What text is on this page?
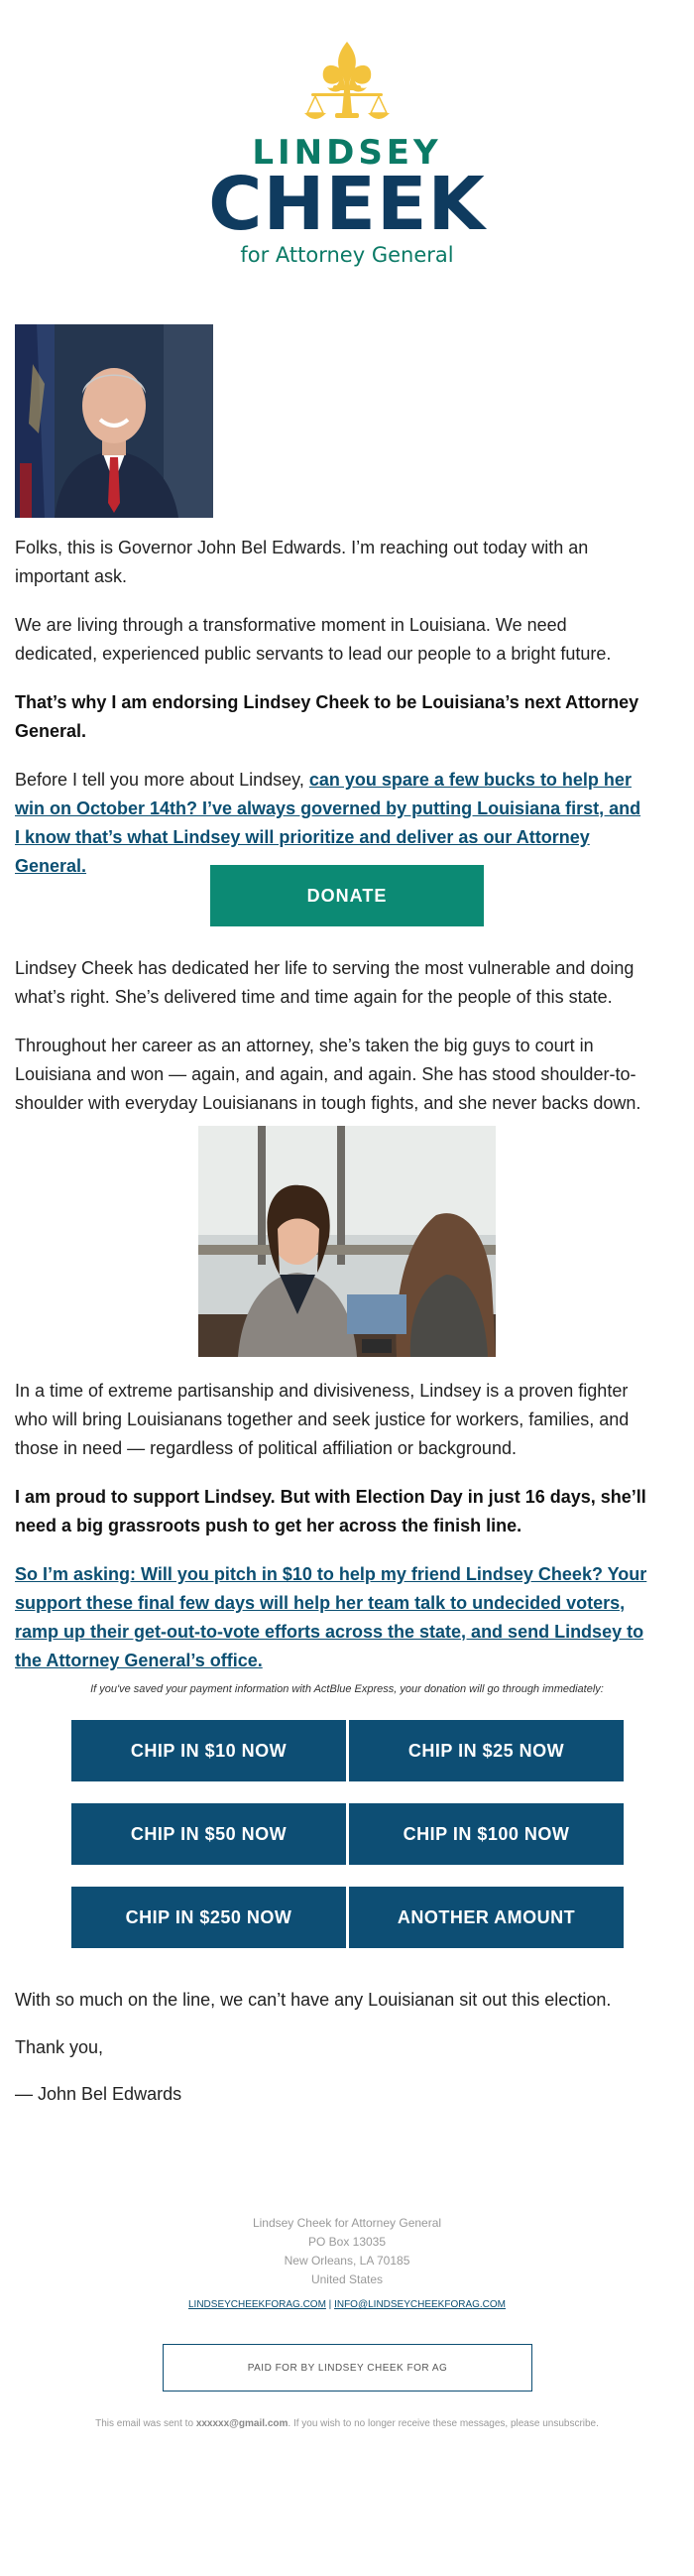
LINDSEY
CHEEK
for Attorney General

Folks, this is Governor John Bel Edwards. I’m reaching out today with an important ask.

We are living through a transformative moment in Louisiana. We need dedicated, experienced public servants to lead our people to a bright future.

That’s why I am endorsing Lindsey Cheek to be Louisiana’s next Attorney General.

Before I tell you more about Lindsey, can you spare a few bucks to help her win on October 14th? I’ve always governed by putting Louisiana first, and I know that’s what Lindsey will prioritize and deliver as our Attorney General.

DONATE

Lindsey Cheek has dedicated her life to serving the most vulnerable and doing what’s right. She’s delivered time and time again for the people of this state.

Throughout her career as an attorney, she’s taken the big guys to court in Louisiana and won — again, and again, and again. She has stood shoulder-to-shoulder with everyday Louisianans in tough fights, and she never backs down.

In a time of extreme partisanship and divisiveness, Lindsey is a proven fighter who will bring Louisianans together and seek justice for workers, families, and those in need — regardless of political affiliation or background.

I am proud to support Lindsey. But with Election Day in just 16 days, she’ll need a big grassroots push to get her across the finish line.

So I’m asking: Will you pitch in $10 to help my friend Lindsey Cheek? Your support these final few days will help her team talk to undecided voters, ramp up their get-out-to-vote efforts across the state, and send Lindsey to the Attorney General’s office.

If you've saved your payment information with ActBlue Express, your donation will go through immediately:
CHIP IN $10 NOW	CHIP IN $25 NOW
CHIP IN $50 NOW	CHIP IN $100 NOW
CHIP IN $250 NOW	ANOTHER AMOUNT

With so much on the line, we can’t have any Louisianan sit out this election.

Thank you,

— John Bel Edwards

Lindsey Cheek for Attorney General
PO Box 13035
New Orleans, LA 70185
United States
LINDSEYCHEEKFORAG.COM | INFO@LINDSEYCHEEKFORAG.COM
PAID FOR BY LINDSEY CHEEK FOR AG
This email was sent to xxxxxx@gmail.com. If you wish to no longer receive these messages, please unsubscribe.
